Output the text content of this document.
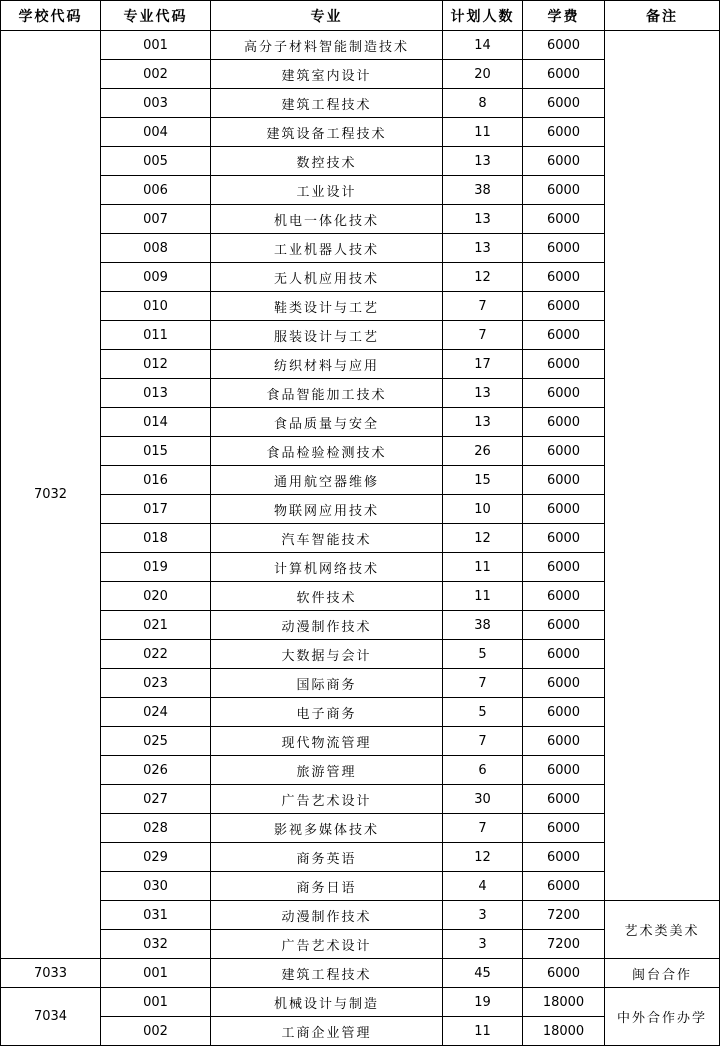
学校代码	专业代码	专业	计划人数	学费	备注
7032	001	高分子材料智能制造技术	14	6000	
	002	建筑室内设计	20	6000	
	003	建筑工程技术	8	6000	
	004	建筑设备工程技术	11	6000	
	005	数控技术	13	6000	
	006	工业设计	38	6000	
	007	机电一体化技术	13	6000	
	008	工业机器人技术	13	6000	
	009	无人机应用技术	12	6000	
	010	鞋类设计与工艺	7	6000	
	011	服装设计与工艺	7	6000	
	012	纺织材料与应用	17	6000	
	013	食品智能加工技术	13	6000	
	014	食品质量与安全	13	6000	
	015	食品检验检测技术	26	6000	
	016	通用航空器维修	15	6000	
	017	物联网应用技术	10	6000	
	018	汽车智能技术	12	6000	
	019	计算机网络技术	11	6000	
	020	软件技术	11	6000	
	021	动漫制作技术	38	6000	
	022	大数据与会计	5	6000	
	023	国际商务	7	6000	
	024	电子商务	5	6000	
	025	现代物流管理	7	6000	
	026	旅游管理	6	6000	
	027	广告艺术设计	30	6000	
	028	影视多媒体技术	7	6000	
	029	商务英语	12	6000	
	030	商务日语	4	6000	
	031	动漫制作技术	3	7200	艺术类美术
	032	广告艺术设计	3	7200	
7033	001	建筑工程技术	45	6000	闽台合作
7034	001	机械设计与制造	19	18000	中外合作办学
	002	工商企业管理	11	18000	
